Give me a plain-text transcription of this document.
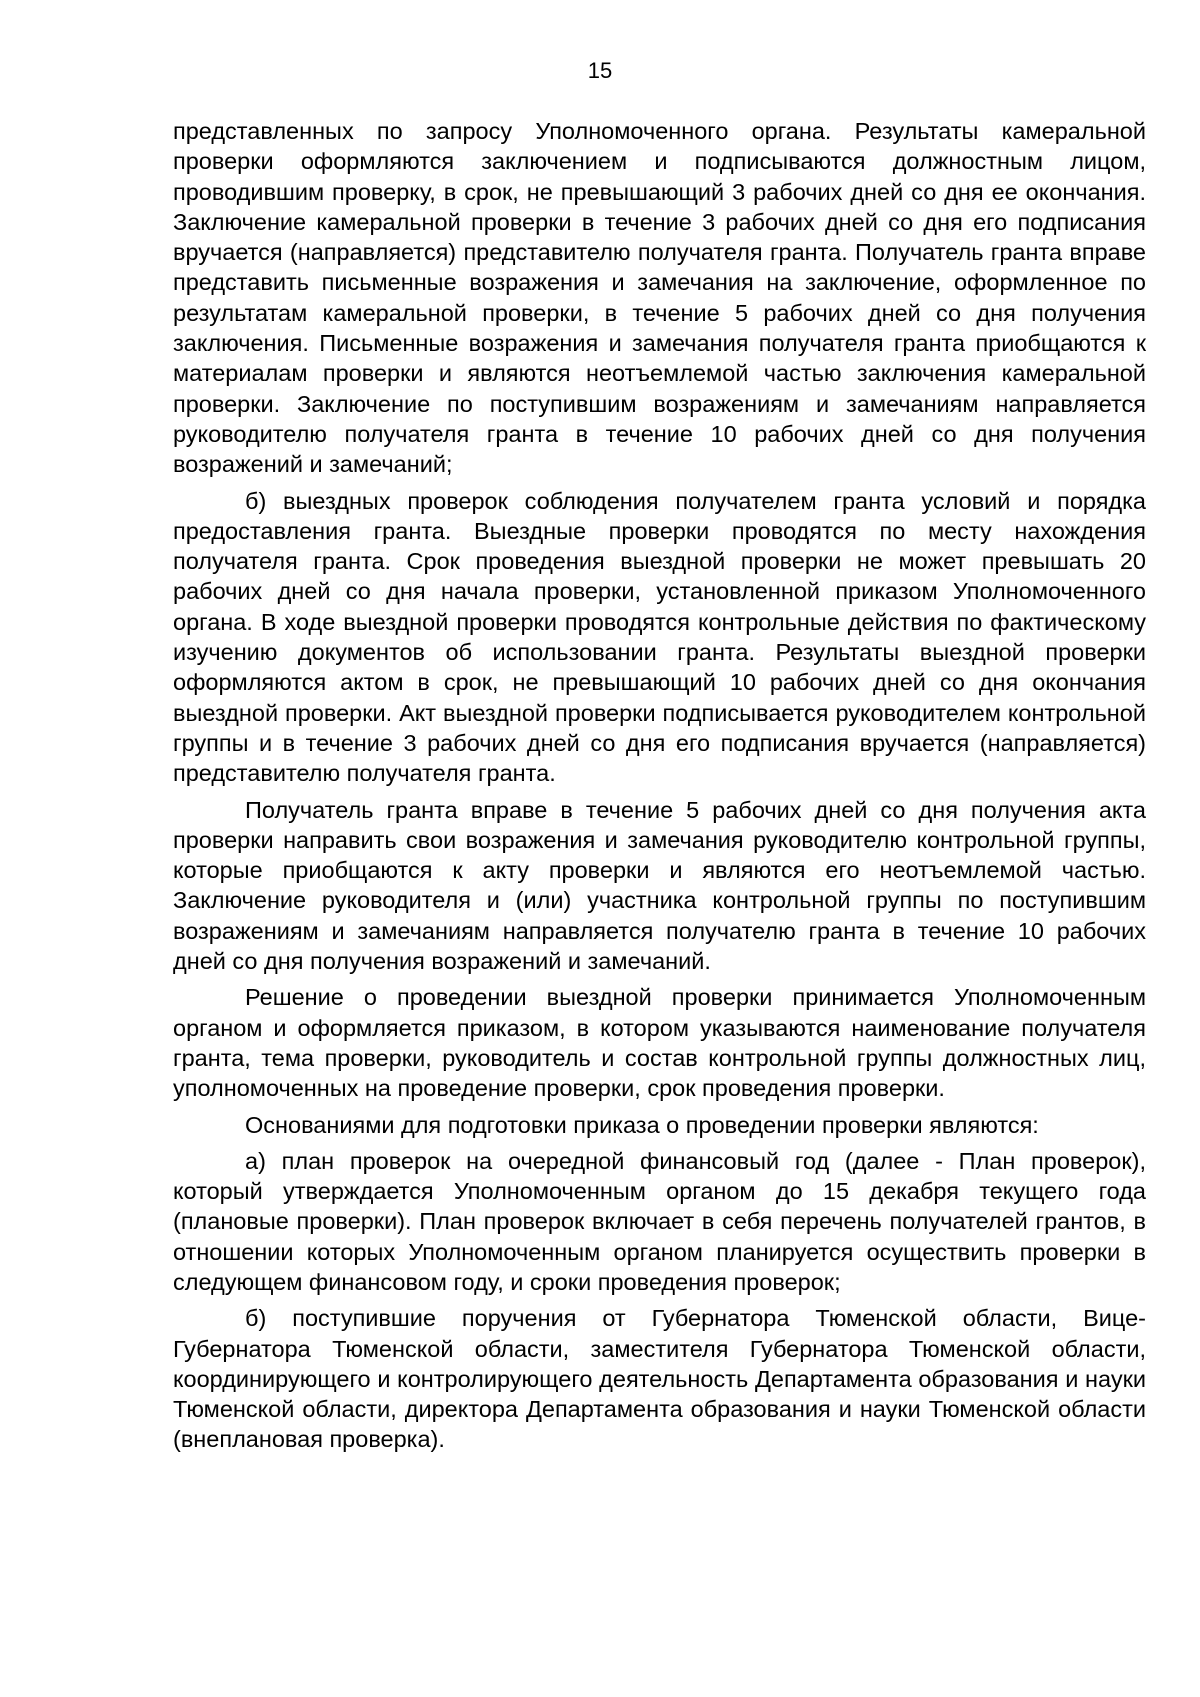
15

представленных по запросу Уполномоченного органа. Результаты камеральной проверки оформляются заключением и подписываются должностным лицом, проводившим проверку, в срок, не превышающий 3 рабочих дней со дня ее окончания. Заключение камеральной проверки в течение 3 рабочих дней со дня его подписания вручается (направляется) представителю получателя гранта. Получатель гранта вправе представить письменные возражения и замечания на заключение, оформленное по результатам камеральной проверки, в течение 5 рабочих дней со дня получения заключения. Письменные возражения и замечания получателя гранта приобщаются к материалам проверки и являются неотъемлемой частью заключения камеральной проверки. Заключение по поступившим возражениям и замечаниям направляется руководителю получателя гранта в течение 10 рабочих дней со дня получения возражений и замечаний;

б) выездных проверок соблюдения получателем гранта условий и порядка предоставления гранта. Выездные проверки проводятся по месту нахождения получателя гранта. Срок проведения выездной проверки не может превышать 20 рабочих дней со дня начала проверки, установленной приказом Уполномоченного органа. В ходе выездной проверки проводятся контрольные действия по фактическому изучению документов об использовании гранта. Результаты выездной проверки оформляются актом в срок, не превышающий 10 рабочих дней со дня окончания выездной проверки. Акт выездной проверки подписывается руководителем контрольной группы и в течение 3 рабочих дней со дня его подписания вручается (направляется) представителю получателя гранта.

Получатель гранта вправе в течение 5 рабочих дней со дня получения акта проверки направить свои возражения и замечания руководителю контрольной группы, которые приобщаются к акту проверки и являются его неотъемлемой частью. Заключение руководителя и (или) участника контрольной группы по поступившим возражениям и замечаниям направляется получателю гранта в течение 10 рабочих дней со дня получения возражений и замечаний.

Решение о проведении выездной проверки принимается Уполномоченным органом и оформляется приказом, в котором указываются наименование получателя гранта, тема проверки, руководитель и состав контрольной группы должностных лиц, уполномоченных на проведение проверки, срок проведения проверки.

Основаниями для подготовки приказа о проведении проверки являются:

а) план проверок на очередной финансовый год (далее - План проверок), который утверждается Уполномоченным органом до 15 декабря текущего года (плановые проверки). План проверок включает в себя перечень получателей грантов, в отношении которых Уполномоченным органом планируется осуществить проверки в следующем финансовом году, и сроки проведения проверок;

б) поступившие поручения от Губернатора Тюменской области, Вице-Губернатора Тюменской области, заместителя Губернатора Тюменской области, координирующего и контролирующего деятельность Департамента образования и науки Тюменской области, директора Департамента образования и науки Тюменской области (внеплановая проверка).
